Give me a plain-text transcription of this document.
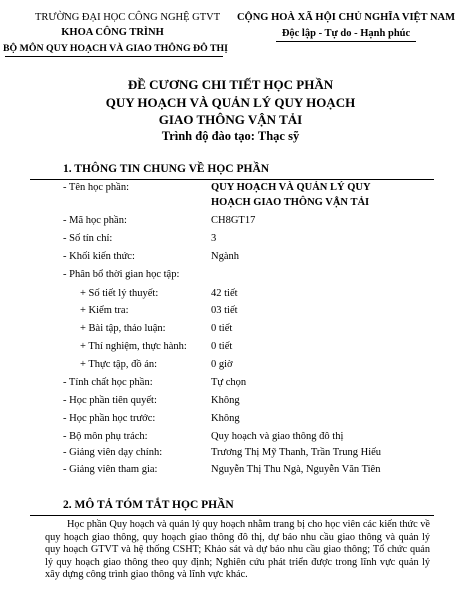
TRƯỜNG ĐẠI HỌC CÔNG NGHỆ GTVT
KHOA CÔNG TRÌNH
BỘ MÔN QUY HOẠCH VÀ GIAO THÔNG ĐÔ THỊ
CỘNG HOÀ XÃ HỘI CHỦ NGHĨA VIỆT NAM
Độc lập - Tự do - Hạnh phúc
ĐỀ CƯƠNG CHI TIẾT HỌC PHẦN
QUY HOẠCH VÀ QUẢN LÝ QUY HOẠCH
GIAO THÔNG VẬN TẢI
Trình độ đào tạo: Thạc sỹ
1. THÔNG TIN CHUNG VỀ HỌC PHẦN
- Tên học phần:	QUY HOẠCH VÀ QUẢN LÝ QUY
HOẠCH GIAO THÔNG VẬN TẢI
- Mã học phần:	CH8GT17
- Số tín chỉ:	3
- Khối kiến thức:	Ngành
- Phân bổ thời gian học tập:
+ Số tiết lý thuyết:	42 tiết
+ Kiểm tra:	03 tiết
+ Bài tập, thảo luận:	0 tiết
+ Thí nghiệm, thực hành: 0 tiết
+ Thực tập, đồ án:	0 giờ
- Tính chất học phần:	Tự chọn
- Học phần tiên quyết:	Không
- Học phần học trước:	Không
- Bộ môn phụ trách:	Quy hoạch và giao thông đô thị
- Giảng viên dạy chính:	Trương Thị Mỹ Thanh, Trần Trung Hiếu
- Giảng viên tham gia:	Nguyễn Thị Thu Ngà, Nguyễn Văn Tiên
2. MÔ TẢ TÓM TẮT HỌC PHẦN

Học phần Quy hoạch và quản lý quy hoạch nhằm trang bị cho học viên các kiến thức về quy hoạch giao thông, quy hoạch giao thông đô thị, dự báo nhu cầu giao thông và quản lý quy hoạch GTVT và hệ thống CSHT; Khảo sát và dự báo nhu cầu giao thông; Tổ chức quản lý quy hoạch giao thông theo quy định; Nghiên cứu phát triển được trong lĩnh vực quản lý xây dựng công trình giao thông và lĩnh vực khác.
